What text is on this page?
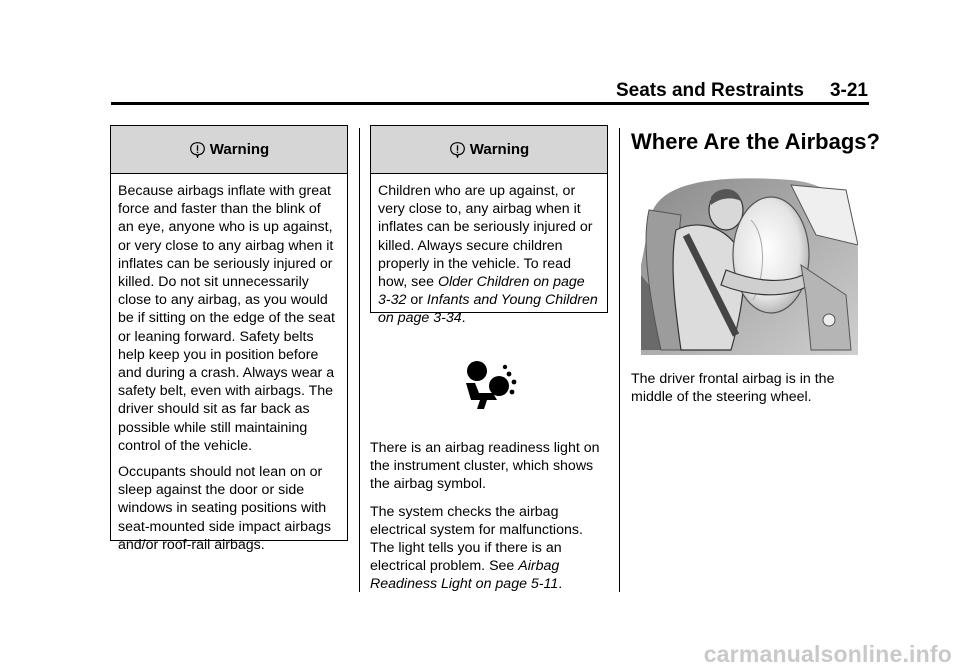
Seats and Restraints 3-21
Warning

Because airbags inflate with great force and faster than the blink of an eye, anyone who is up against, or very close to any airbag when it inflates can be seriously injured or killed. Do not sit unnecessarily close to any airbag, as you would be if sitting on the edge of the seat or leaning forward. Safety belts help keep you in position before and during a crash. Always wear a safety belt, even with airbags. The driver should sit as far back as possible while still maintaining control of the vehicle.

Occupants should not lean on or sleep against the door or side windows in seating positions with seat-mounted side impact airbags and/or roof-rail airbags.

Warning

Children who are up against, or very close to, any airbag when it inflates can be seriously injured or killed. Always secure children properly in the vehicle. To read how, see Older Children on page 3-32 or Infants and Young Children on page 3-34.

There is an airbag readiness light on the instrument cluster, which shows the airbag symbol.

The system checks the airbag electrical system for malfunctions. The light tells you if there is an electrical problem. See Airbag Readiness Light on page 5-11.

Where Are the Airbags?

The driver frontal airbag is in the middle of the steering wheel.

carmanualsonline.info
